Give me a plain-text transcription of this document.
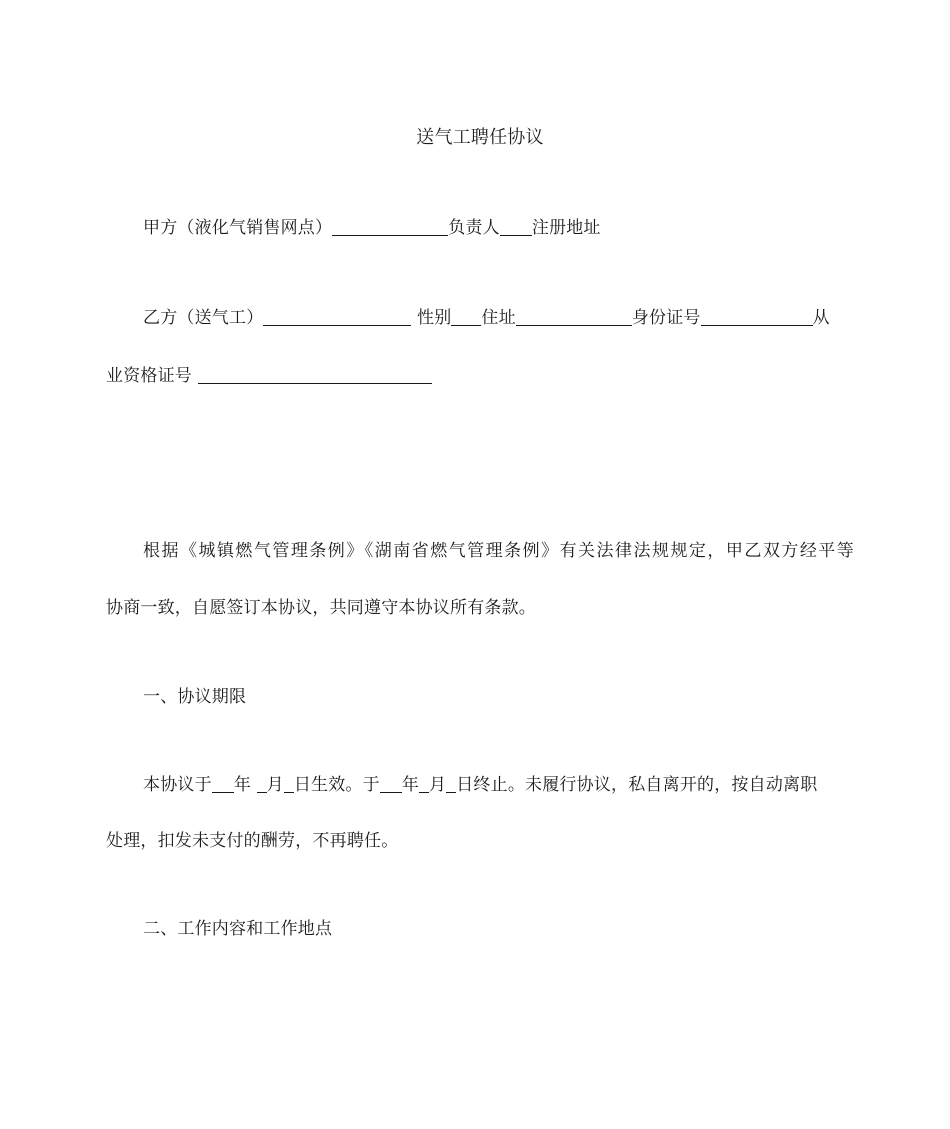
送气工聘任协议
甲方（液化气销售网点）	负责人 注册地址
乙方（送气工）	性别 住址	身份证号	从
业资格证号
根据《城镇燃气管理条例》《湖南省燃气管理条例》有关法律法规规定，甲乙双方经平等
协商一致，自愿签订本协议，共同遵守本协议所有条款。
一、协议期限
本协议于 年 月 日生效。于 年 月 日终止。未履行协议，私自离开的，按自动离职
处理，扣发未支付的酬劳，不再聘任。
二、工作内容和工作地点
